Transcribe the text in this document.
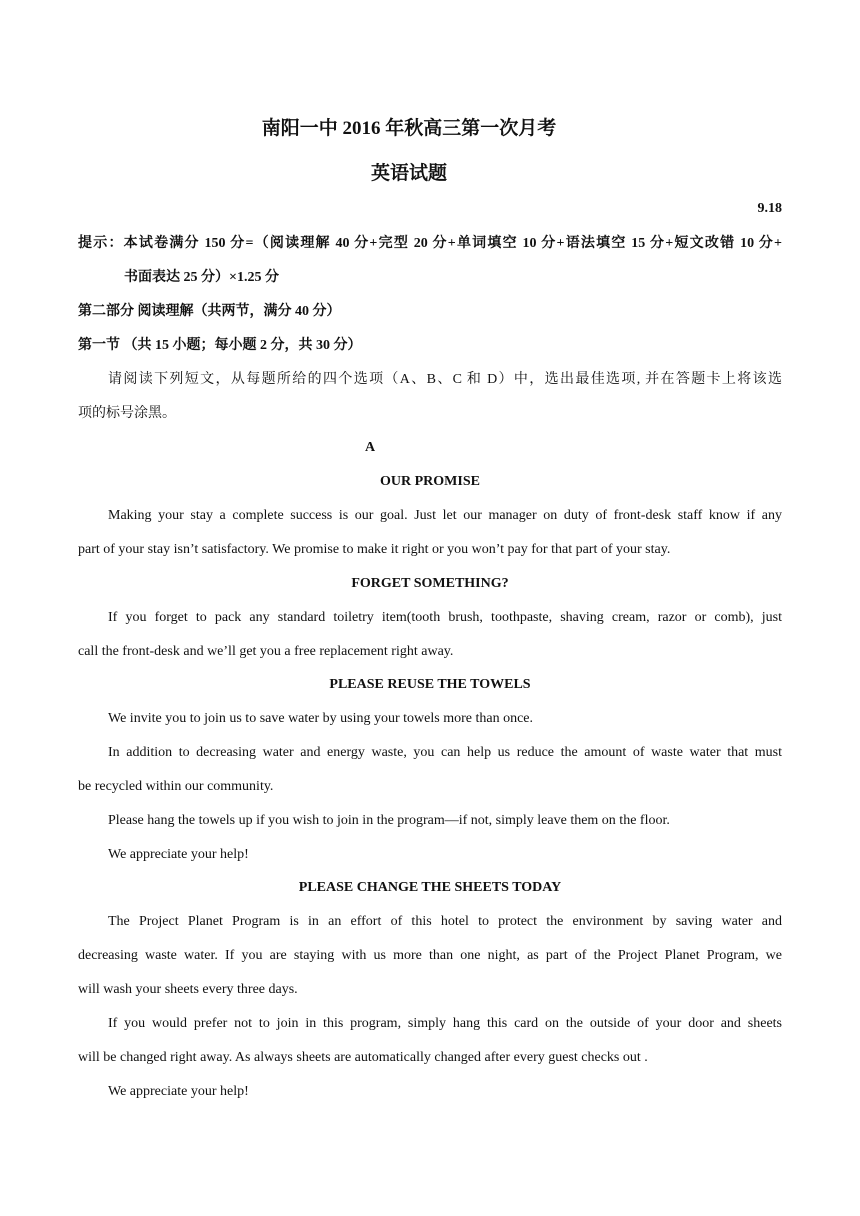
南阳一中 2016 年秋高三第一次月考
英语试题
9.18
提示：本试卷满分 150 分=（阅读理解 40 分+完型 20 分+单词填空 10 分+语法填空 15 分+短文改错 10 分+
书面表达 25 分）×1.25 分
第二部分 阅读理解（共两节，满分 40 分）
第一节 （共 15 小题；每小题 2 分，共 30 分）
请阅读下列短文，从每题所给的四个选项（A、B、C 和 D）中，选出最佳选项, 并在答题卡上将该选
项的标号涂黑。
A
OUR PROMISE
Making your stay a complete success is our goal. Just let our manager on duty of front-desk staff know if any
part of your stay isn’t satisfactory. We promise to make it right or you won’t pay for that part of your stay.
FORGET SOMETHING?
If you forget to pack any standard toiletry item(tooth brush, toothpaste, shaving cream, razor or comb), just
call the front-desk and we’ll get you a free replacement right away.
PLEASE REUSE THE TOWELS
We invite you to join us to save water by using your towels more than once.
In addition to decreasing water and energy waste, you can help us reduce the amount of waste water that must
be recycled within our community.
Please hang the towels up if you wish to join in the program—if not, simply leave them on the floor.
We appreciate your help!
PLEASE CHANGE THE SHEETS TODAY
The Project Planet Program is in an effort of this hotel to protect the environment by saving water and
decreasing waste water. If you are staying with us more than one night, as part of the Project Planet Program, we
will wash your sheets every three days.
If you would prefer not to join in this program, simply hang this card on the outside of your door and sheets
will be changed right away. As always sheets are automatically changed after every guest checks out .
We appreciate your help!
